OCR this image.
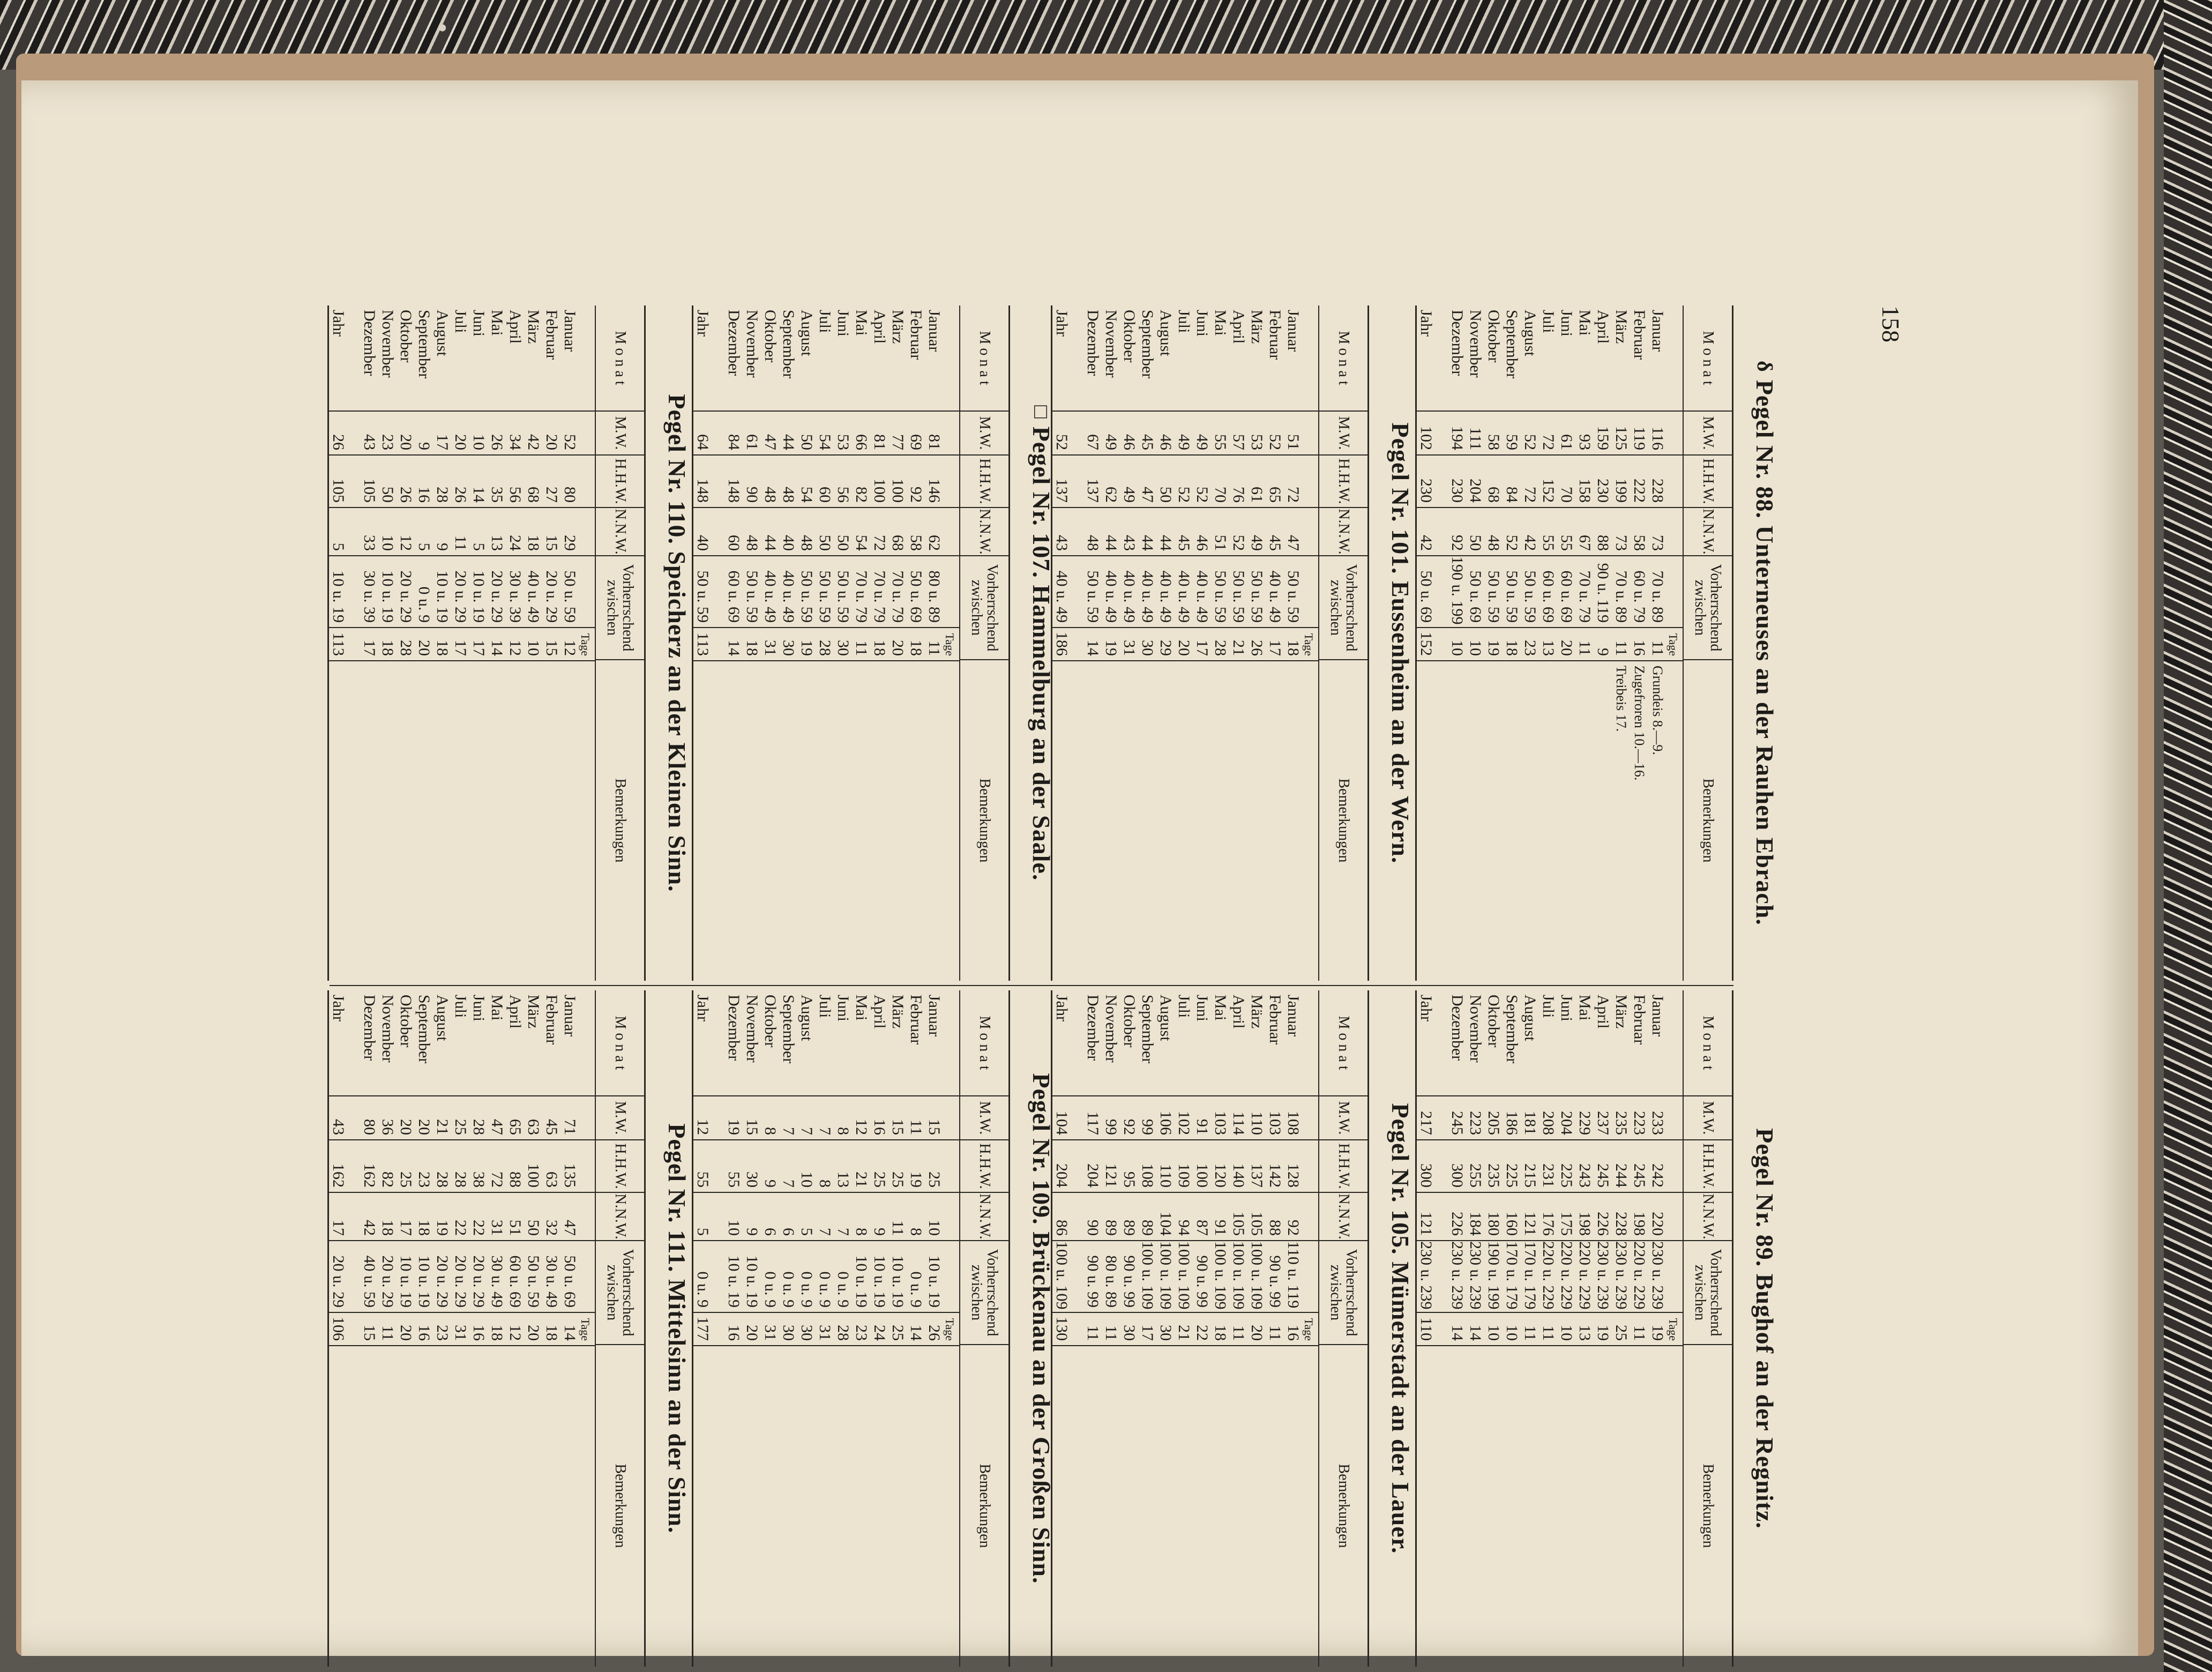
158
δ
Pegel Nr. 88. Unterneuses an der Rauhen Ebrach.
M o n a t
M.W.
H.H.W.
N.N.W.
Vorherrschend zwischen
Bemerkungen
Januar
Februar
März
April
Mai
Juni
Juli
August
September
Oktober
November
Dezember
Jahr
116
119
125
159
93
61
72
52
59
58
111
194
102
228
222
199
230
158
70
152
72
84
68
204
230
230
73
58
73
88
67
55
55
42
52
48
50
92
42
70 u. 89
60 u. 79
70 u. 89
90 u. 119
70 u. 79
60 u. 69
60 u. 69
50 u. 59
50 u. 59
50 u. 59
50 u. 69
190 u. 199
50 u. 69
Tage
11
16
11
9
11
20
13
23
18
19
10
10
152
Grundeis 8.—9.
Zugefroren 10.—16.
Treibeis 17.
Pegel Nr. 101. Eussenheim an der Wern.
M o n a t
M.W.
H.H.W.
N.N.W.
Vorherrschend zwischen
Bemerkungen
Januar
Februar
März
April
Mai
Juni
Juli
August
September
Oktober
November
Dezember
Jahr
51
52
53
57
55
49
49
46
45
46
49
67
52
72
65
61
76
70
52
52
50
47
49
62
137
137
47
45
49
52
51
46
45
44
44
43
44
48
43
50 u. 59
40 u. 49
50 u. 59
50 u. 59
50 u. 59
40 u. 49
40 u. 49
40 u. 49
40 u. 49
40 u. 49
40 u. 49
50 u. 59
40 u. 49
Tage
18
17
26
21
28
17
20
29
30
31
19
14
186
□
Pegel Nr. 107. Hammelburg an der Saale.
M o n a t
M.W.
H.H.W.
N.N.W.
Vorherrschend zwischen
Bemerkungen
Januar
Februar
März
April
Mai
Juni
Juli
August
September
Oktober
November
Dezember
Jahr
81
69
77
81
66
53
54
50
44
47
61
84
64
146
92
100
100
82
56
60
54
48
48
90
148
148
62
58
68
72
54
50
50
48
40
44
48
60
40
80 u. 89
50 u. 69
70 u. 79
70 u. 79
70 u. 79
50 u. 59
50 u. 59
50 u. 59
40 u. 49
40 u. 49
50 u. 59
60 u. 69
50 u. 59
Tage
11
18
20
18
11
30
28
19
30
31
18
14
113
Pegel Nr. 110. Speicherz an der Kleinen Sinn.
M o n a t
M.W.
H.H.W.
N.N.W.
Vorherrschend zwischen
Bemerkungen
Januar
Februar
März
April
Mai
Juni
Juli
August
September
Oktober
November
Dezember
Jahr
52
20
42
34
26
10
20
17
9
20
23
43
26
80
27
68
56
35
14
26
28
16
26
50
105
105
29
15
18
24
13
5
11
9
5
12
10
33
5
50 u. 59
20 u. 29
40 u. 49
30 u. 39
20 u. 29
10 u. 19
20 u. 29
10 u. 19
0 u. 9
20 u. 29
10 u. 19
30 u. 39
10 u. 19
Tage
12
15
10
12
14
17
17
18
20
28
18
17
113
Pegel Nr. 89. Bughof an der Regnitz.
M o n a t
M.W.
H.H.W.
N.N.W.
Vorherrschend zwischen
Bemerkungen
Januar
Februar
März
April
Mai
Juni
Juli
August
September
Oktober
November
Dezember
Jahr
233
223
235
237
229
204
208
181
186
205
223
245
217
242
245
244
245
243
225
231
215
225
235
255
300
300
220
198
228
226
198
175
176
121
160
180
184
226
121
230 u. 239
220 u. 229
230 u. 239
230 u. 239
220 u. 229
220 u. 229
220 u. 229
170 u. 179
170 u. 179
190 u. 199
230 u. 239
230 u. 239
230 u. 239
Tage
19
11
25
19
13
10
11
11
10
10
14
14
110
Pegel Nr. 105. Mümerstadt an der Lauer.
M o n a t
M.W.
H.H.W.
N.N.W.
Vorherrschend zwischen
Bemerkungen
Januar
Februar
März
April
Mai
Juni
Juli
August
September
Oktober
November
Dezember
Jahr
108
103
110
114
103
91
102
106
99
92
99
117
104
128
142
137
140
120
100
109
110
108
95
121
204
204
92
88
105
105
91
87
94
104
89
89
89
90
86
110 u. 119
90 u. 99
100 u. 109
100 u. 109
100 u. 109
90 u. 99
100 u. 109
100 u. 109
100 u. 109
90 u. 99
80 u. 89
90 u. 99
100 u. 109
Tage
16
11
20
11
18
22
21
30
17
30
11
11
130
Pegel Nr. 109. Brückenau an der Großen Sinn.
M o n a t
M.W.
H.H.W.
N.N.W.
Vorherrschend zwischen
Bemerkungen
Januar
Februar
März
April
Mai
Juni
Juli
August
September
Oktober
November
Dezember
Jahr
15
11
15
16
12
8
7
7
7
8
15
19
12
25
19
25
25
21
13
8
10
7
9
30
55
55
10
8
11
9
8
7
7
5
6
6
9
10
5
10 u. 19
0 u. 9
10 u. 19
10 u. 19
10 u. 19
0 u. 9
0 u. 9
0 u. 9
0 u. 9
0 u. 9
10 u. 19
10 u. 19
0 u. 9
Tage
26
14
25
24
23
28
31
30
30
31
20
16
177
Pegel Nr. 111. Mittelsinn an der Sinn.
M o n a t
M.W.
H.H.W.
N.N.W.
Vorherrschend zwischen
Bemerkungen
Januar
Februar
März
April
Mai
Juni
Juli
August
September
Oktober
November
Dezember
Jahr
71
45
63
65
47
28
25
21
20
20
36
80
43
135
63
100
88
72
38
28
28
23
25
82
162
162
47
32
50
51
31
22
22
19
18
17
18
42
17
50 u. 69
30 u. 49
50 u. 59
60 u. 69
30 u. 49
20 u. 29
20 u. 29
20 u. 29
10 u. 19
10 u. 19
20 u. 29
40 u. 59
20 u. 29
Tage
14
18
20
12
18
16
31
23
16
20
11
15
106
